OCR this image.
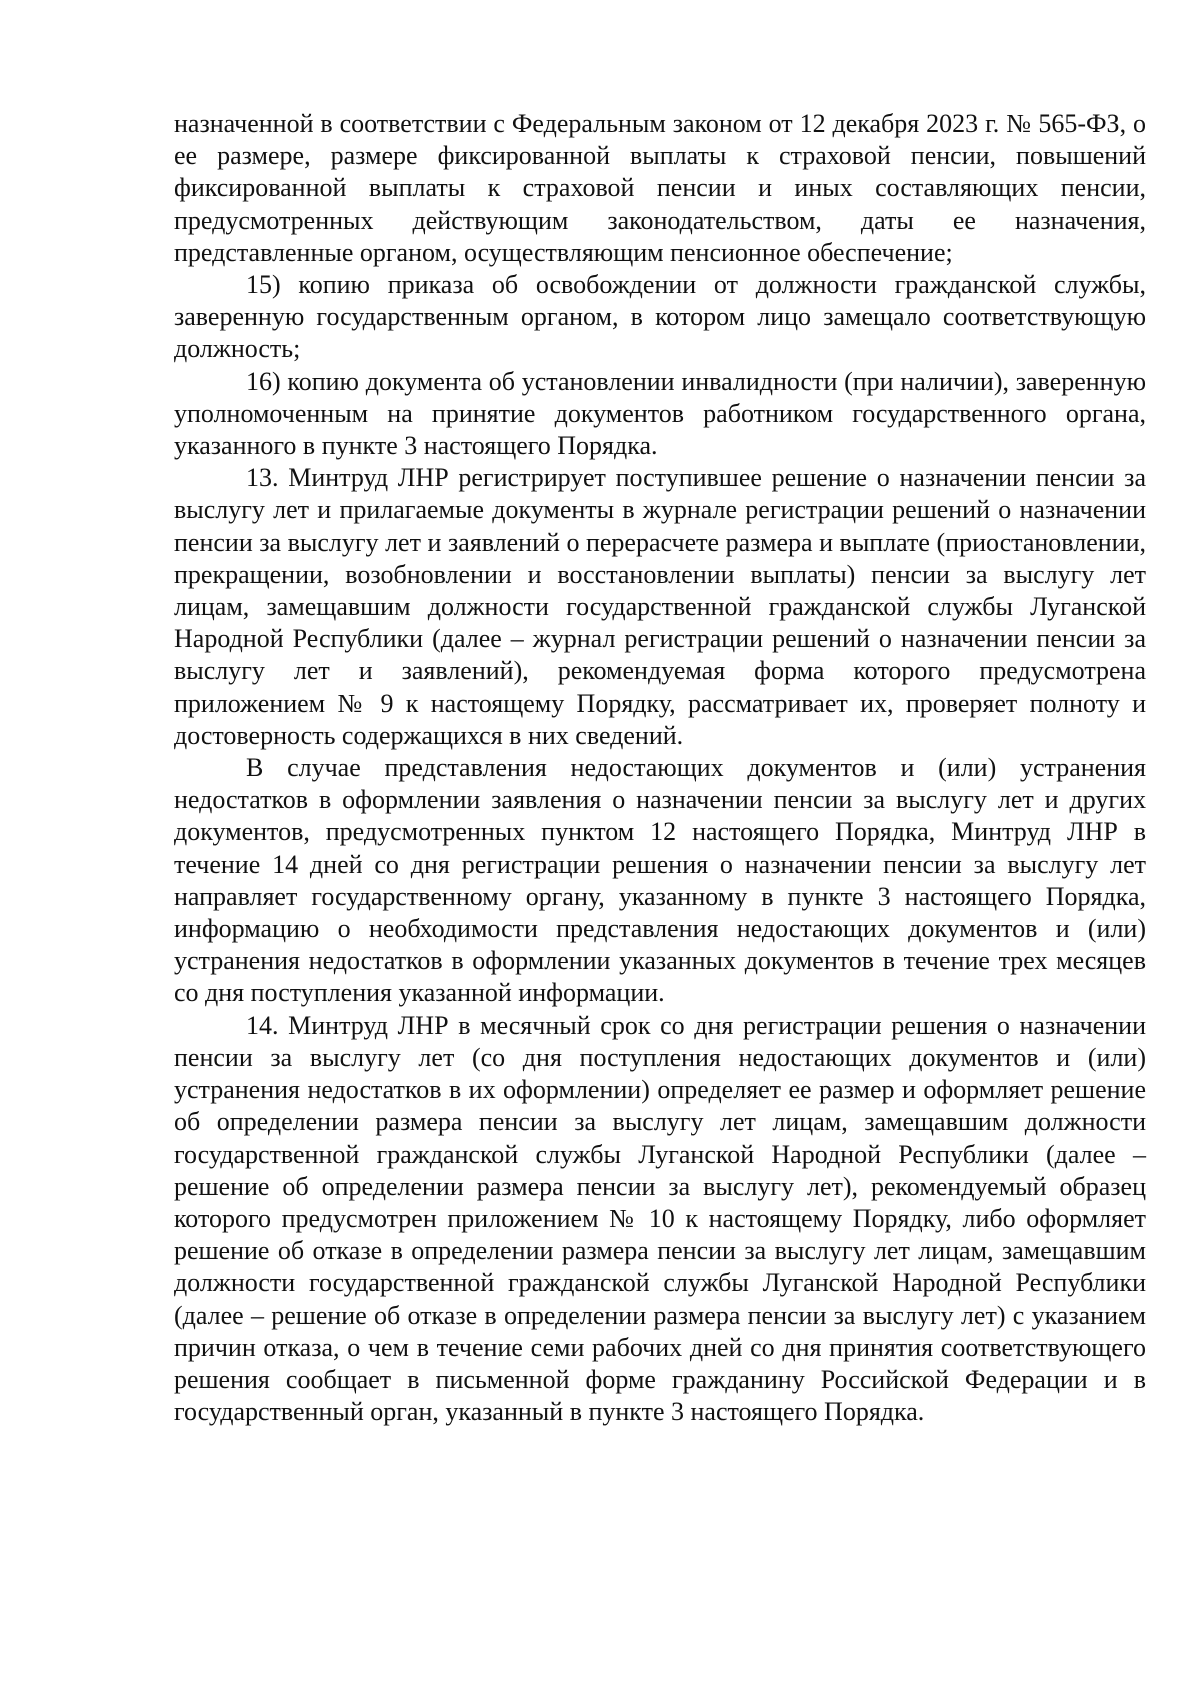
назначенной в соответствии с Федеральным законом от 12 декабря 2023 г. № 565-ФЗ, о ее размере, размере фиксированной выплаты к страховой пенсии, повышений фиксированной выплаты к страховой пенсии и иных составляющих пенсии, предусмотренных действующим законодательством, даты ее назначения, представленные органом, осуществляющим пенсионное обеспечение;

15) копию приказа об освобождении от должности гражданской службы, заверенную государственным органом, в котором лицо замещало соответствующую должность;

16) копию документа об установлении инвалидности (при наличии), заверенную уполномоченным на принятие документов работником государственного органа, указанного в пункте 3 настоящего Порядка.

13. Минтруд ЛНР регистрирует поступившее решение о назначении пенсии за выслугу лет и прилагаемые документы в журнале регистрации решений о назначении пенсии за выслугу лет и заявлений о перерасчете размера и выплате (приостановлении, прекращении, возобновлении и восстановлении выплаты) пенсии за выслугу лет лицам, замещавшим должности государственной гражданской службы Луганской Народной Республики (далее – журнал регистрации решений о назначении пенсии за выслугу лет и заявлений), рекомендуемая форма которого предусмотрена приложением № 9 к настоящему Порядку, рассматривает их, проверяет полноту и достоверность содержащихся в них сведений.

В случае представления недостающих документов и (или) устранения недостатков в оформлении заявления о назначении пенсии за выслугу лет и других документов, предусмотренных пунктом 12 настоящего Порядка, Минтруд ЛНР в течение 14 дней со дня регистрации решения о назначении пенсии за выслугу лет направляет государственному органу, указанному в пункте 3 настоящего Порядка, информацию о необходимости представления недостающих документов и (или) устранения недостатков в оформлении указанных документов в течение трех месяцев со дня поступления указанной информации.

14. Минтруд ЛНР в месячный срок со дня регистрации решения о назначении пенсии за выслугу лет (со дня поступления недостающих документов и (или) устранения недостатков в их оформлении) определяет ее размер и оформляет решение об определении размера пенсии за выслугу лет лицам, замещавшим должности государственной гражданской службы Луганской Народной Республики (далее – решение об определении размера пенсии за выслугу лет), рекомендуемый образец которого предусмотрен приложением № 10 к настоящему Порядку, либо оформляет решение об отказе в определении размера пенсии за выслугу лет лицам, замещавшим должности государственной гражданской службы Луганской Народной Республики (далее – решение об отказе в определении размера пенсии за выслугу лет) с указанием причин отказа, о чем в течение семи рабочих дней со дня принятия соответствующего решения сообщает в письменной форме гражданину Российской Федерации и в государственный орган, указанный в пункте 3 настоящего Порядка.
